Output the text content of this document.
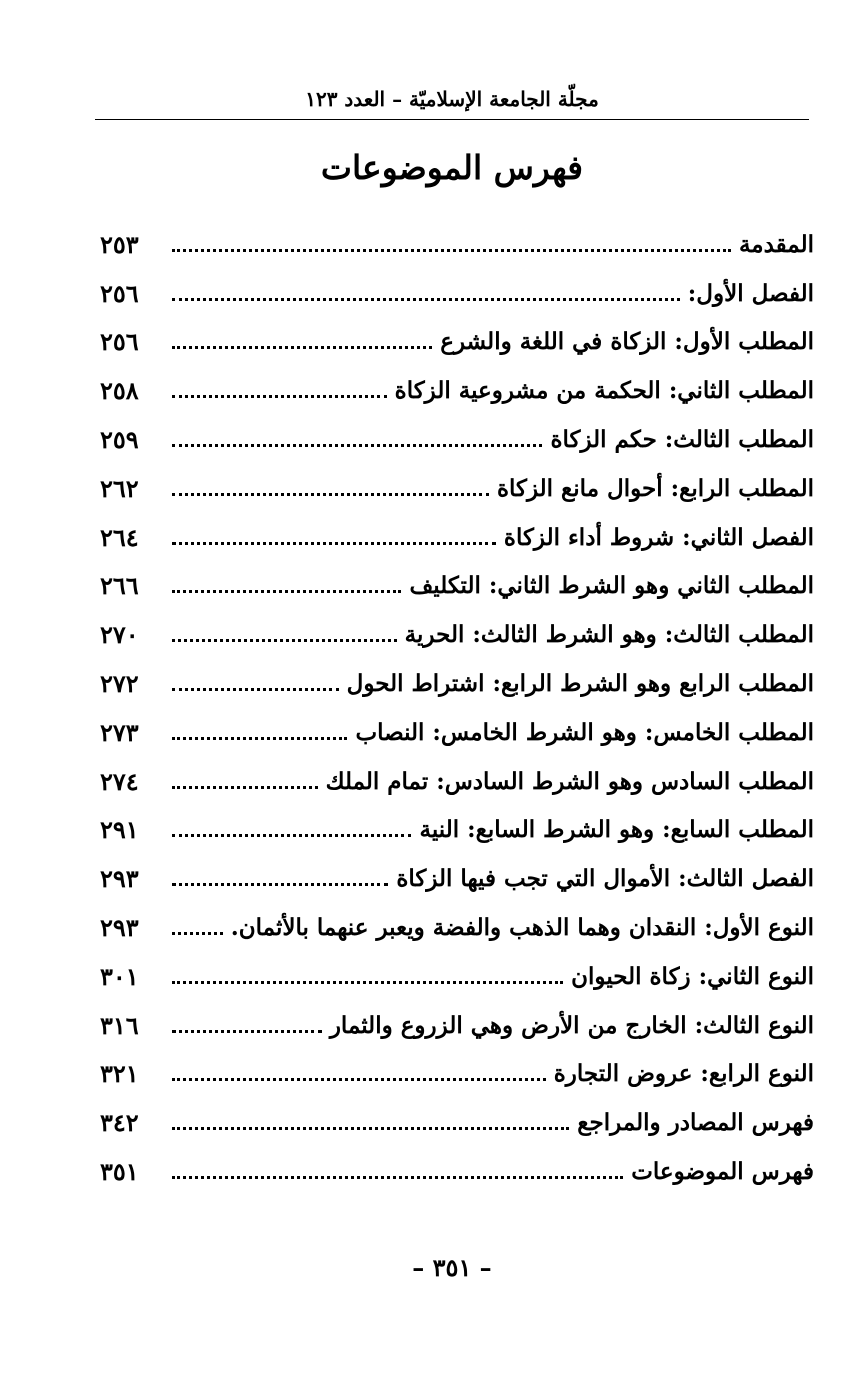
مجلّة الجامعة الإسلاميّة – العدد ١٢٣
فهرس الموضوعات
المقدمة
٢٥٣
الفصل الأول:
٢٥٦
المطلب الأول: الزكاة في اللغة والشرع
٢٥٦
المطلب الثاني: الحكمة من مشروعية الزكاة
٢٥٨
المطلب الثالث: حكم الزكاة
٢٥٩
المطلب الرابع: أحوال مانع الزكاة
٢٦٢
الفصل الثاني: شروط أداء الزكاة
٢٦٤
المطلب الثاني وهو الشرط الثاني: التكليف
٢٦٦
المطلب الثالث: وهو الشرط الثالث: الحرية
٢٧٠
المطلب الرابع وهو الشرط الرابع: اشتراط الحول
٢٧٢
المطلب الخامس: وهو الشرط الخامس: النصاب
٢٧٣
المطلب السادس وهو الشرط السادس: تمام الملك
٢٧٤
المطلب السابع: وهو الشرط السابع: النية
٢٩١
الفصل الثالث: الأموال التي تجب فيها الزكاة
٢٩٣
النوع الأول: النقدان وهما الذهب والفضة ويعبر عنهما بالأثمان.
٢٩٣
النوع الثاني: زكاة الحيوان
٣٠١
النوع الثالث: الخارج من الأرض وهي الزروع والثمار
٣١٦
النوع الرابع: عروض التجارة
٣٢١
فهرس المصادر والمراجع
٣٤٢
فهرس الموضوعات
٣٥١
– ٣٥١ –
